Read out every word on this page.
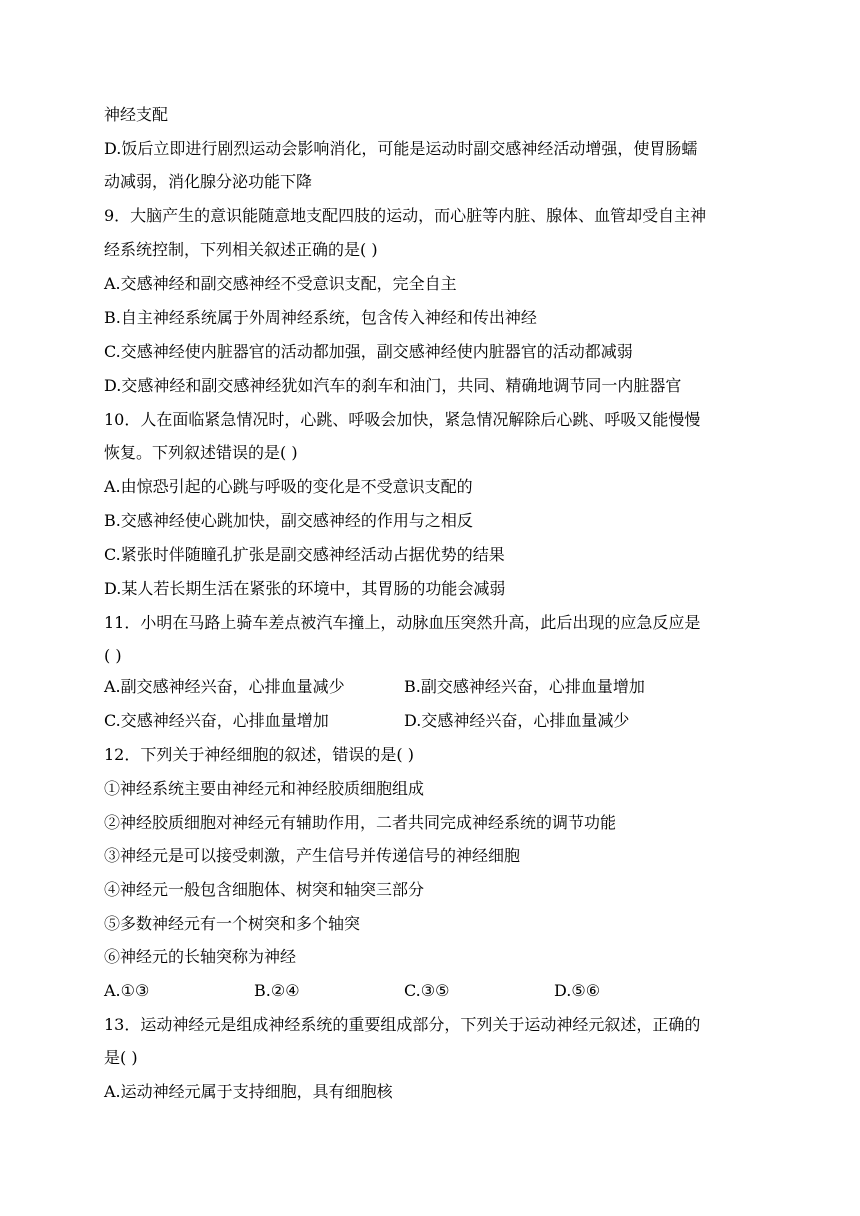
神经支配
D.饭后立即进行剧烈运动会影响消化，可能是运动时副交感神经活动增强，使胃肠蠕
动减弱，消化腺分泌功能下降
9．大脑产生的意识能随意地支配四肢的运动，而心脏等内脏、腺体、血管却受自主神
经系统控制，下列相关叙述正确的是( )
A.交感神经和副交感神经不受意识支配，完全自主
B.自主神经系统属于外周神经系统，包含传入神经和传出神经
C.交感神经使内脏器官的活动都加强，副交感神经使内脏器官的活动都减弱
D.交感神经和副交感神经犹如汽车的刹车和油门，共同、精确地调节同一内脏器官
10．人在面临紧急情况时，心跳、呼吸会加快，紧急情况解除后心跳、呼吸又能慢慢
恢复。下列叙述错误的是( )
A.由惊恐引起的心跳与呼吸的变化是不受意识支配的
B.交感神经使心跳加快，副交感神经的作用与之相反
C.紧张时伴随瞳孔扩张是副交感神经活动占据优势的结果
D.某人若长期生活在紧张的环境中，其胃肠的功能会减弱
11．小明在马路上骑车差点被汽车撞上，动脉血压突然升高，此后出现的应急反应是
( )
A.副交感神经兴奋，心排血量减少	B.副交感神经兴奋，心排血量增加
C.交感神经兴奋，心排血量增加	D.交感神经兴奋，心排血量减少
12．下列关于神经细胞的叙述，错误的是( )
①神经系统主要由神经元和神经胶质细胞组成
②神经胶质细胞对神经元有辅助作用，二者共同完成神经系统的调节功能
③神经元是可以接受刺激，产生信号并传递信号的神经细胞
④神经元一般包含细胞体、树突和轴突三部分
⑤多数神经元有一个树突和多个轴突
⑥神经元的长轴突称为神经
A.①③	B.②④	C.③⑤	D.⑤⑥
13．运动神经元是组成神经系统的重要组成部分，下列关于运动神经元叙述，正确的
是( )
A.运动神经元属于支持细胞，具有细胞核
